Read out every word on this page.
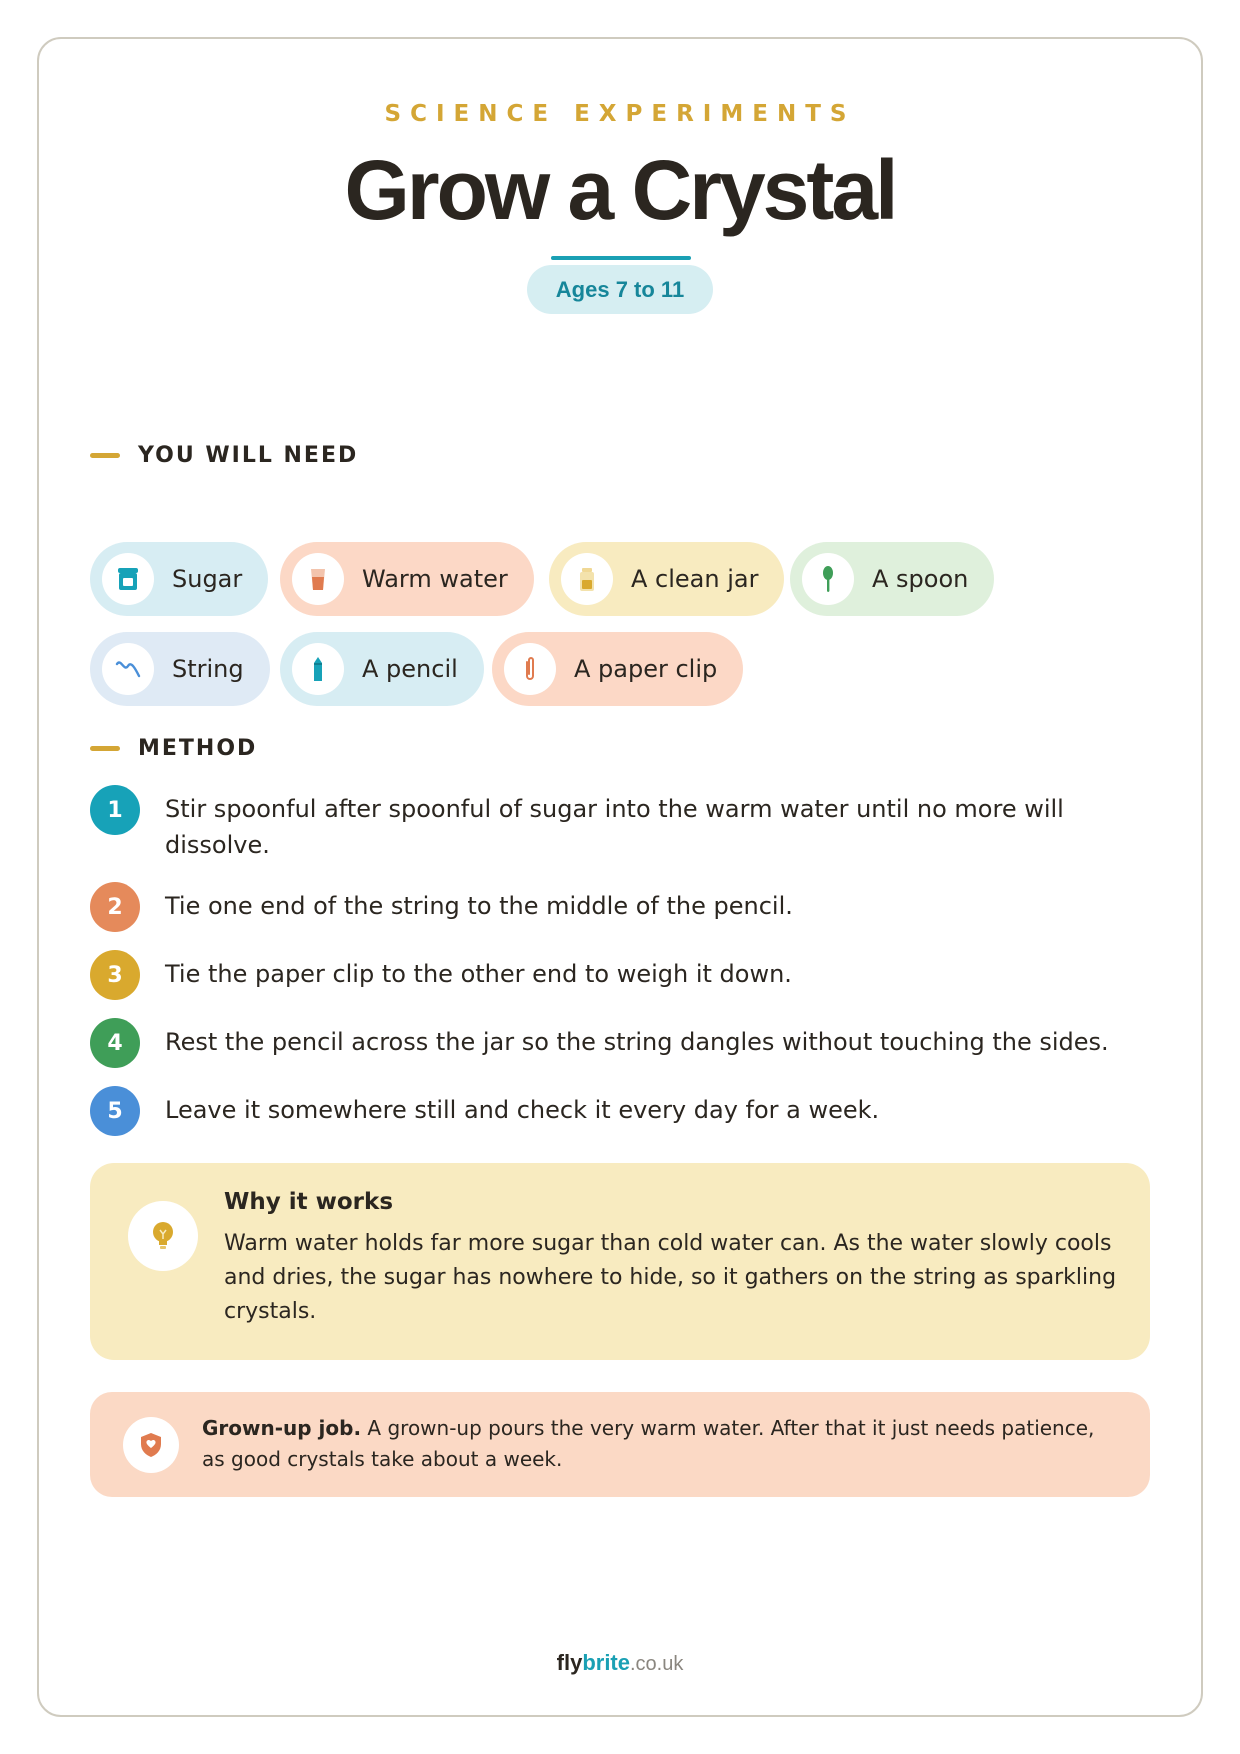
SCIENCE EXPERIMENTS
Grow a Crystal
Ages 7 to 11
YOU WILL NEED
Sugar	Warm water	A clean jar	A spoon
String	A pencil	A paper clip
METHOD
1	Stir spoonful after spoonful of sugar into the warm water until no more will dissolve.
2	Tie one end of the string to the middle of the pencil.
3	Tie the paper clip to the other end to weigh it down.
4	Rest the pencil across the jar so the string dangles without touching the sides.
5	Leave it somewhere still and check it every day for a week.
Why it works
Warm water holds far more sugar than cold water can. As the water slowly cools and dries, the sugar has nowhere to hide, so it gathers on the string as sparkling crystals.
Grown-up job. A grown-up pours the very warm water. After that it just needs patience, as good crystals take about a week.
flybrite.co.uk
